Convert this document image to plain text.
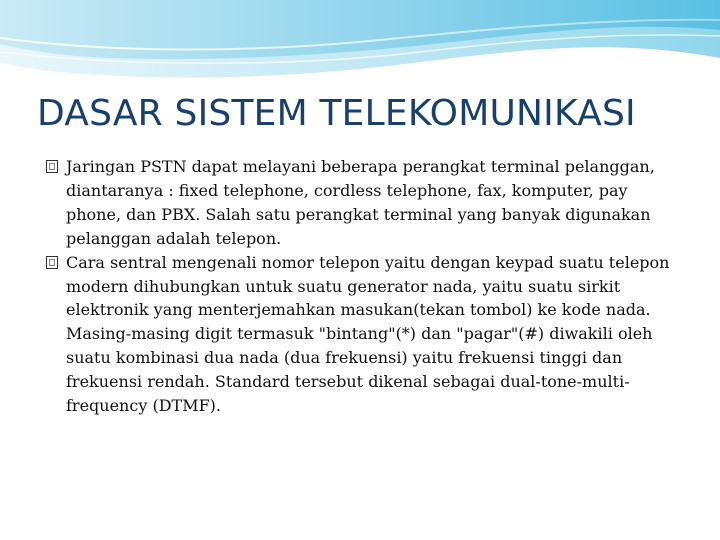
DASAR SISTEM TELEKOMUNIKASI

Jaringan PSTN dapat melayani beberapa perangkat terminal pelanggan, diantaranya : fixed telephone, cordless telephone, fax, komputer, pay phone, dan PBX. Salah satu perangkat terminal yang banyak digunakan pelanggan adalah telepon.

Cara sentral mengenali nomor telepon yaitu dengan keypad suatu telepon modern dihubungkan untuk suatu generator nada, yaitu suatu sirkit elektronik yang menterjemahkan masukan(tekan tombol) ke kode nada. Masing-masing digit termasuk "bintang"(*) dan "pagar"(#) diwakili oleh suatu kombinasi dua nada (dua frekuensi) yaitu frekuensi tinggi dan frekuensi rendah. Standard tersebut dikenal sebagai dual-tone-multi-frequency (DTMF).
